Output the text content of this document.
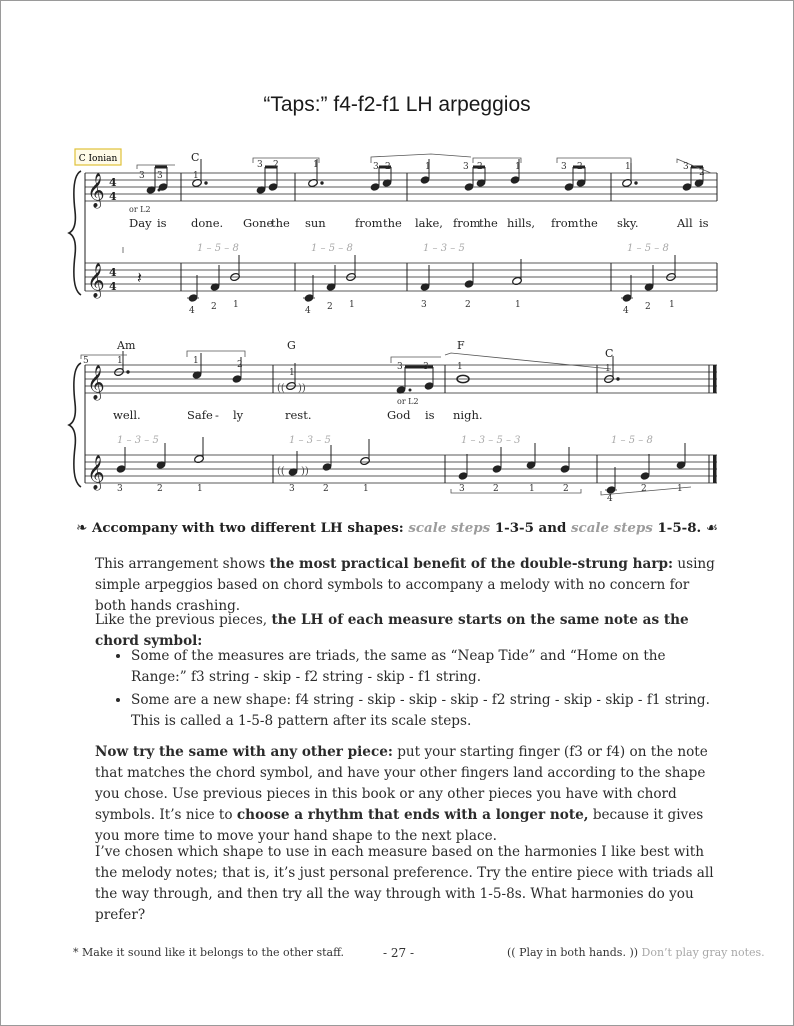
“Taps:” f4-f2-f1 LH arpeggios
C Ionian
𝄞
𝄞
4
4
4
4
3 3	1
3 2	1	3 2	1	3 2	1	3 2	1	3
2
C
or L2
Day is done. Gone
the sun	from the lake, from
the hills, from the sky.	All is
1 – 5 – 8	1 – 5 – 8	1 – 3 – 5	1 – 5 – 8
𝄽
4 2 1
4 2 1	3	2	1
4 2 1
𝄞
𝄞
Am	G	F
C
(( ))
5	1	1	2
1
3 3	1	1
or L2
well.	Safe - ly	rest.	God is nigh.
1 – 3 – 5	1 – 3 – 5	1 – 3 – 5 – 3	1 – 5 – 8
(( ))
3	2	1	3	2	1	3	2	1	2
4
2	1
❧ Accompany with two different LH shapes: scale steps 1-3-5 and scale steps 1-5-8. ☙
This arrangement shows the most practical benefit of the double-strung harp: using simple arpeggios based on chord symbols to accompany a melody with no concern for both hands crashing.
Like the previous pieces, the LH of each measure starts on the same note as the chord symbol:
• Some of the measures are triads, the same as “Neap Tide” and “Home on the Range:” f3 string - skip - f2 string - skip - f1 string.
• Some are a new shape: f4 string - skip - skip - skip - f2 string - skip - skip - f1 string. This is called a 1-5-8 pattern after its scale steps.
Now try the same with any other piece: put your starting finger (f3 or f4) on the note that matches the chord symbol, and have your other fingers land according to the shape you chose. Use previous pieces in this book or any other pieces you have with chord symbols. It’s nice to choose a rhythm that ends with a longer note, because it gives you more time to move your hand shape to the next place.
I’ve chosen which shape to use in each measure based on the harmonies I like best with the melody notes; that is, it’s just personal preference. Try the entire piece with triads all the way through, and then try all the way through with 1-5-8s. What harmonies do you prefer?
* Make it sound like it belongs to the other staff.	- 27 -	(( Play in both hands. )) Don’t play gray notes.
